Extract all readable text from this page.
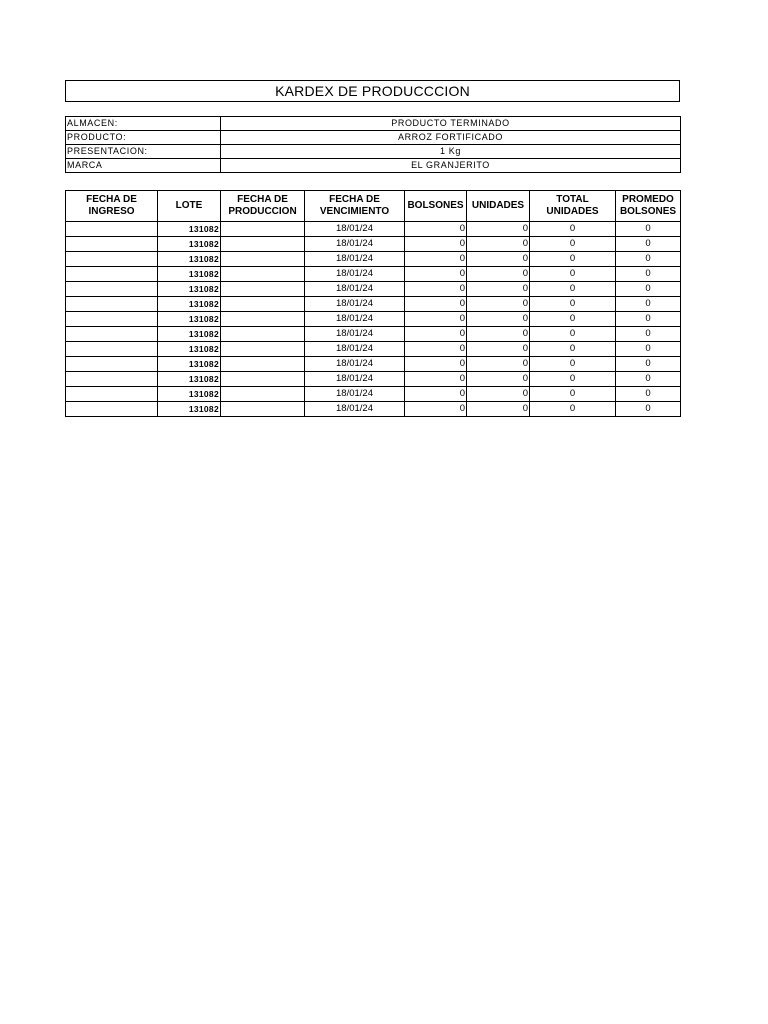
KARDEX DE PRODUCCCION
ALMACEN:	PRODUCTO TERMINADO
PRODUCTO:	ARROZ FORTIFICADO
PRESENTACION:	1 Kg
MARCA	EL GRANJERITO
FECHA DE INGRESO	LOTE	FECHA DE PRODUCCION	FECHA DE VENCIMIENTO	BOLSONES	UNIDADES	TOTAL UNIDADES	PROMEDO BOLSONES
	131082		18/01/24	0	0	0	0
	131082		18/01/24	0	0	0	0
	131082		18/01/24	0	0	0	0
	131082		18/01/24	0	0	0	0
	131082		18/01/24	0	0	0	0
	131082		18/01/24	0	0	0	0
	131082		18/01/24	0	0	0	0
	131082		18/01/24	0	0	0	0
	131082		18/01/24	0	0	0	0
	131082		18/01/24	0	0	0	0
	131082		18/01/24	0	0	0	0
	131082		18/01/24	0	0	0	0
	131082		18/01/24	0	0	0	0
